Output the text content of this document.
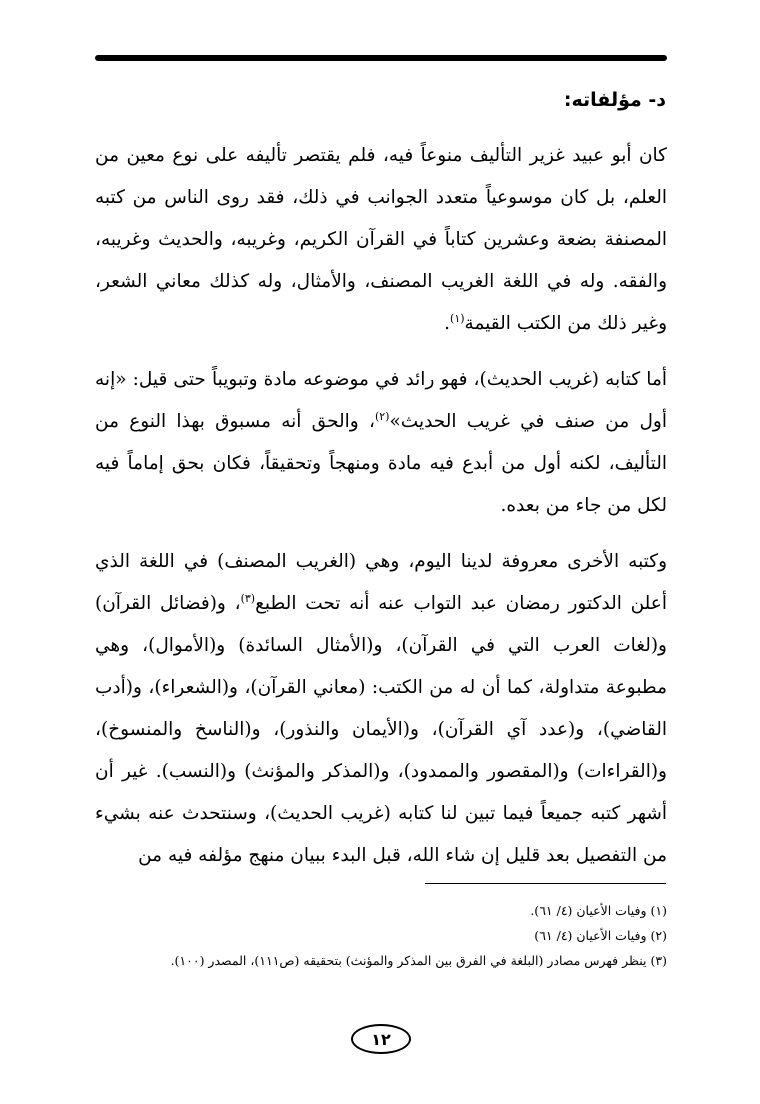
د- مؤلفاته:

كان أبو عبيد غزير التأليف منوعاً فيه، فلم يقتصر تأليفه على نوع معين من العلم، بل كان موسوعياً متعدد الجوانب في ذلك، فقد روى الناس من كتبه المصنفة بضعة وعشرين كتاباً في القرآن الكريم، وغريبه، والحديث وغريبه، والفقه. وله في اللغة الغريب المصنف، والأمثال، وله كذلك معاني الشعر، وغير ذلك من الكتب القيمة$^{(١)}$.

أما كتابه (غريب الحديث)، فهو رائد في موضوعه مادة وتبويباً حتى قيل: «إنه أول من صنف في غريب الحديث»$^{(٢)}$، والحق أنه مسبوق بهذا النوع من التأليف، لكنه أول من أبدع فيه مادة ومنهجاً وتحقيقاً، فكان بحق إماماً فيه لكل من جاء من بعده.

وكتبه الأخرى معروفة لدينا اليوم، وهي (الغريب المصنف) في اللغة الذي أعلن الدكتور رمضان عبد التواب عنه أنه تحت الطبع$^{(٣)}$، و(فضائل القرآن) و(لغات العرب التي في القرآن)، و(الأمثال السائدة) و(الأموال)، وهي مطبوعة متداولة، كما أن له من الكتب: (معاني القرآن)، و(الشعراء)، و(أدب القاضي)، و(عدد آي القرآن)، و(الأيمان والنذور)، و(الناسخ والمنسوخ)، و(القراءات) و(المقصور والممدود)، و(المذكر والمؤنث) و(النسب). غير أن أشهر كتبه جميعاً فيما تبين لنا كتابه (غريب الحديث)، وسنتحدث عنه بشيء من التفصيل بعد قليل إن شاء الله، قبل البدء ببيان منهج مؤلفه فيه من

(١) وفيات الأعيان (٤/ ٦١).

(٢) وفيات الأعيان (٤/ ٦١)

(٣) ينظر فهرس مصادر (البلغة في الفرق بين المذكر والمؤنث) بتحقيقه (ص١١١)، المصدر (١٠٠).

١٢
